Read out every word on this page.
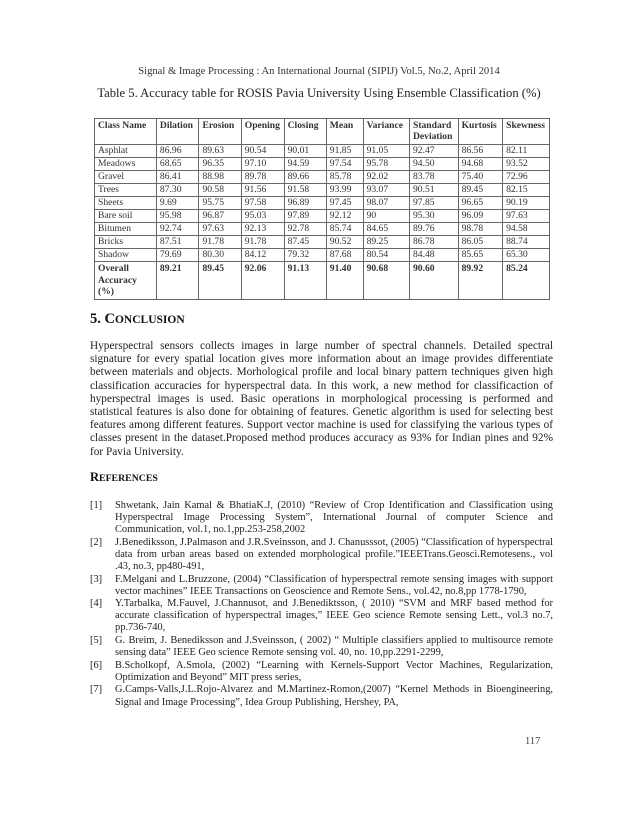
Signal & Image Processing : An International Journal (SIPIJ) Vol.5, No.2, April 2014
Table 5. Accuracy table for ROSIS Pavia University Using Ensemble Classification (%)
Class Name	Dilation	Erosion	Opening	Closing	Mean	Variance	Standard Deviation	Kurtosis	Skewness
Asphlat	86.96	89.63	90.54	90.01	91.85	91.05	92.47	86.56	82.11
Meadows	68.65	96.35	97.10	94.59	97.54	95.78	94.50	94.68	93.52
Gravel	86.41	88.98	89.78	89.66	85.78	92.02	83.78	75.40	72.96
Trees	87.30	90.58	91.56	91.58	93.99	93.07	90.51	89.45	82.15
Sheets	9.69	95.75	97.58	96.89	97.45	98.07	97.85	96.65	90.19
Bare soil	95.98	96.87	95.03	97.89	92.12	90	95.30	96.09	97.63
Bitumen	92.74	97.63	92.13	92.78	85.74	84.65	89.76	98.78	94.58
Bricks	87.51	91.78	91.78	87.45	90.52	89.25	86.78	86.05	88.74
Shadow	79.69	80.30	84.12	79.32	87.68	80.54	84.48	85.65	65.30
Overall Accuracy (%)	89.21	89.45	92.06	91.13	91.40	90.68	90.60	89.92	85.24
5. CONCLUSION
Hyperspectral sensors collects images in large number of spectral channels. Detailed spectral signature for every spatial location gives more information about an image provides differentiate between materials and objects. Morhological profile and local binary pattern techniques given high classification accuracies for hyperspectral data. In this work, a new method for classificaction of hyperspectral images is used. Basic operations in morphological processing is performed and statistical features is also done for obtaining of features. Genetic algorithm is used for selecting best features among different features. Support vector machine is used for classifying the various types of classes present in the dataset.Proposed method produces accuracy as 93% for Indian pines and 92% for Pavia University.
REFERENCES
[1]	Shwetank, Jain Kamal & BhatiaK.J, (2010) “Review of Crop Identification and Classification using Hyperspectral Image Processing System”, International Journal of computer Science and Communication, vol.1, no.1,pp.253-258,2002
[2]	J.Benediksson, J.Palmason and J.R.Sveinsson, and J. Chanusssot, (2005) “Classification of hyperspectral data from urban areas based on extended morphological profile.”IEEETrans.Geosci.Remotesens., vol .43, no.3, pp480-491,
[3]	F.Melgani and L.Bruzzone, (2004) “Classification of hyperspectral remote sensing images with support vector machines” IEEE Transactions on Geoscience and Remote Sens., vol.42, no.8,pp 1778-1790,
[4]	Y.Tarbalka, M.Fauvel, J.Channusot, and J.Benediktsson, ( 2010) “SVM and MRF based method for accurate classification of hyperspectral images,” IEEE Geo science Remote sensing Lett., vol.3 no.7, pp.736-740,
[5]	G. Breim, J. Benediksson and J.Sveinsson, ( 2002) “ Multiple classifiers applied to multisource remote sensing data” IEEE Geo science Remote sensing vol. 40, no. 10,pp.2291-2299,
[6]	B.Scholkopf, A.Smola, (2002) “Learning with Kernels-Support Vector Machines, Regularization, Optimization and Beyond” MIT press series,
[7]	G.Camps-Valls,J.L.Rojo-Alvarez and M.Martinez-Romon,(2007) “Kernel Methods in Bioengineering, Signal and Image Processing”, Idea Group Publishing, Hershey, PA,
117
